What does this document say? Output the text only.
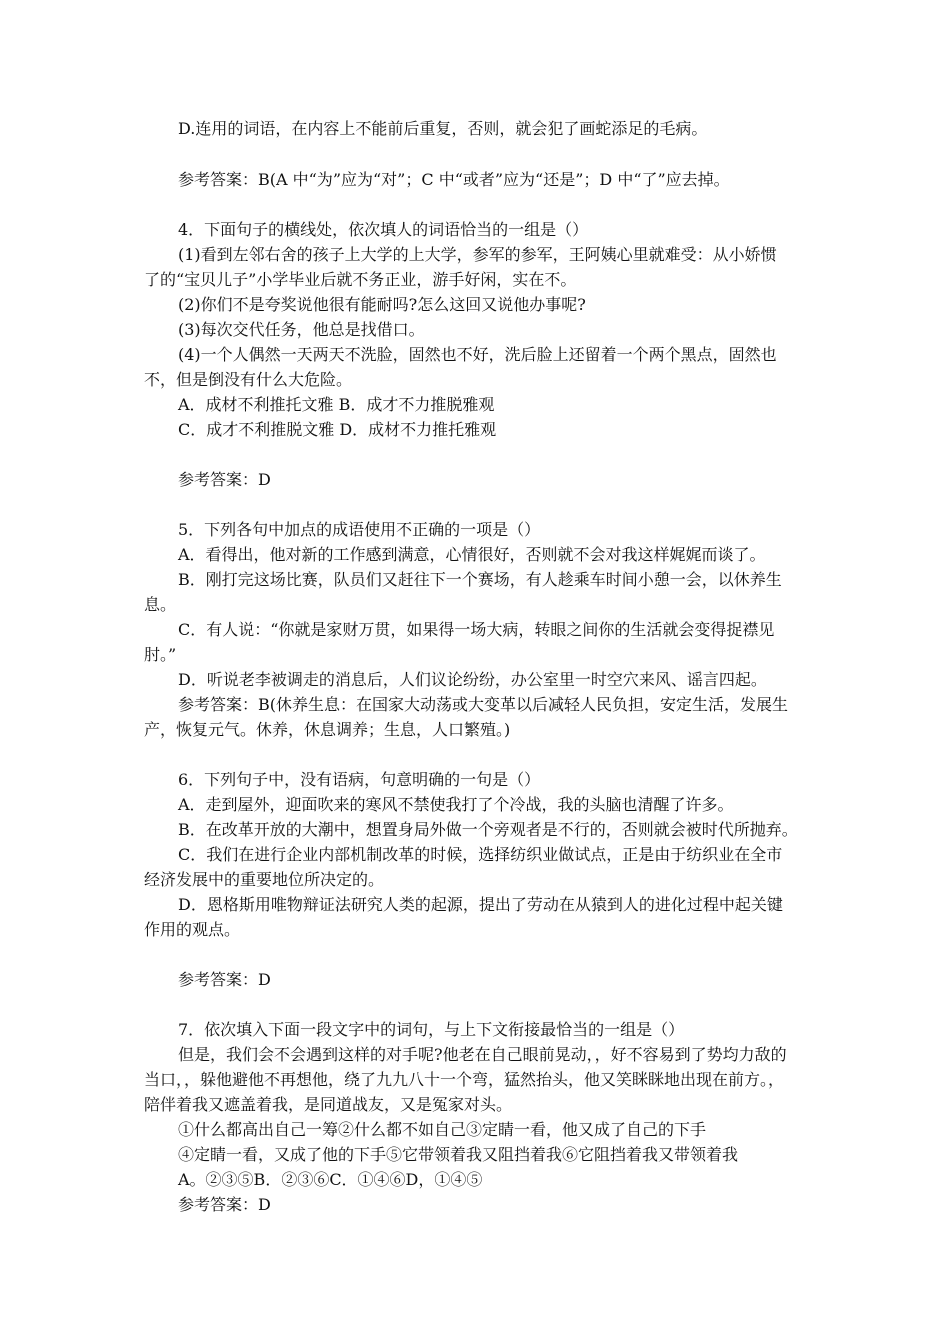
D.连用的词语，在内容上不能前后重复，否则，就会犯了画蛇添足的毛病。
参考答案：B(A 中“为”应为“对”；C 中“或者”应为“还是”；D 中“了”应去掉。
4．下面句子的横线处，依次填人的词语恰当的一组是（）
(1)看到左邻右舍的孩子上大学的上大学，参军的参军，王阿姨心里就难受：从小娇惯
了的“宝贝儿子”小学毕业后就不务正业，游手好闲，实在不。
(2)你们不是夸奖说他很有能耐吗?怎么这回又说他办事呢?
(3)每次交代任务，他总是找借口。
(4)一个人偶然一天两天不洗脸，固然也不好，洗后脸上还留着一个两个黑点，固然也
不，但是倒没有什么大危险。
A．成材不利推托文雅 B．成才不力推脱雅观
C．成才不利推脱文雅 D．成材不力推托雅观
参考答案：D
5．下列各句中加点的成语使用不正确的一项是（）
A．看得出，他对新的工作感到满意，心情很好，否则就不会对我这样娓娓而谈了。
B．刚打完这场比赛，队员们又赶往下一个赛场，有人趁乘车时间小憩一会，以休养生
息。
C．有人说：“你就是家财万贯，如果得一场大病，转眼之间你的生活就会变得捉襟见
肘。”
D．听说老李被调走的消息后，人们议论纷纷，办公室里一时空穴来风、谣言四起。
参考答案：B(休养生息：在国家大动荡或大变革以后减轻人民负担，安定生活，发展生
产，恢复元气。休养，休息调养；生息，人口繁殖。)
6．下列句子中，没有语病，句意明确的一句是（）
A．走到屋外，迎面吹来的寒风不禁使我打了个冷战，我的头脑也清醒了许多。
B．在改革开放的大潮中，想置身局外做一个旁观者是不行的，否则就会被时代所抛弃。
C．我们在进行企业内部机制改革的时候，选择纺织业做试点，正是由于纺织业在全市
经济发展中的重要地位所决定的。
D．恩格斯用唯物辩证法研究人类的起源，提出了劳动在从猿到人的进化过程中起关键
作用的观点。
参考答案：D
7．依次填入下面一段文字中的词句，与上下文衔接最恰当的一组是（）
但是，我们会不会遇到这样的对手呢?他老在自己眼前晃动，，好不容易到了势均力敌的
当口，，躲他避他不再想他，绕了九九八十一个弯，猛然抬头，他又笑眯眯地出现在前方。，
陪伴着我又遮盖着我，是同道战友，又是冤家对头。
①什么都高出自己一筹②什么都不如自己③定睛一看，他又成了自己的下手
④定睛一看，又成了他的下手⑤它带领着我又阻挡着我⑥它阻挡着我又带领着我
A。②③⑤B．②③⑥C．①④⑥D，①④⑤
参考答案：D
